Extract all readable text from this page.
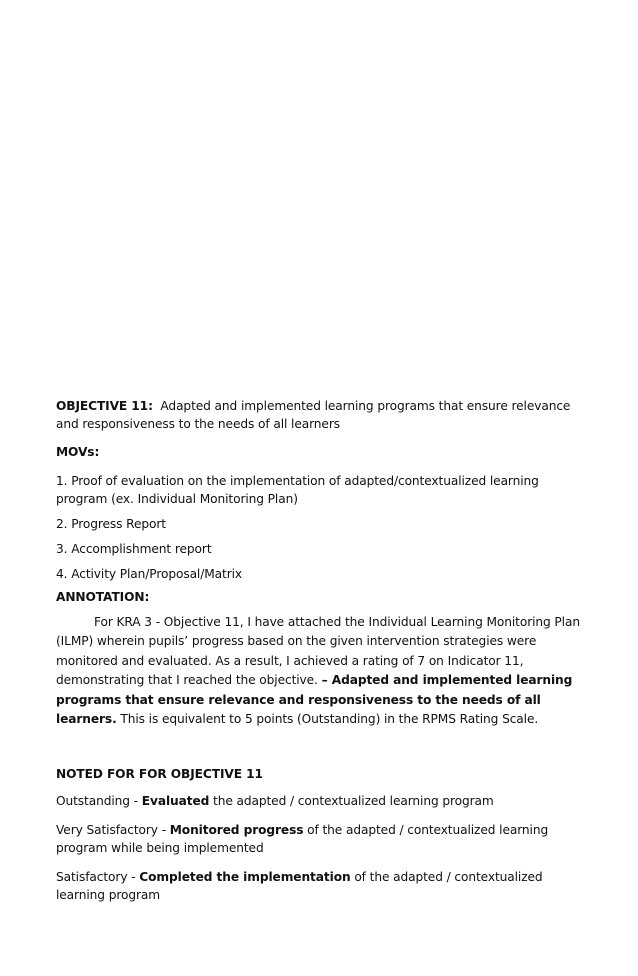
OBJECTIVE 11: Adapted and implemented learning programs that ensure relevance and responsiveness to the needs of all learners

MOVs:

1. Proof of evaluation on the implementation of adapted/contextualized learning program (ex. Individual Monitoring Plan)

2. Progress Report

3. Accomplishment report

4. Activity Plan/Proposal/Matrix

ANNOTATION:

For KRA 3 - Objective 11, I have attached the Individual Learning Monitoring Plan (ILMP) wherein pupils’ progress based on the given intervention strategies were monitored and evaluated. As a result, I achieved a rating of 7 on Indicator 11, demonstrating that I reached the objective. – Adapted and implemented learning programs that ensure relevance and responsiveness to the needs of all learners. This is equivalent to 5 points (Outstanding) in the RPMS Rating Scale.

NOTED FOR FOR OBJECTIVE 11

Outstanding - Evaluated the adapted / contextualized learning program

Very Satisfactory - Monitored progress of the adapted / contextualized learning program while being implemented

Satisfactory - Completed the implementation of the adapted / contextualized learning program
